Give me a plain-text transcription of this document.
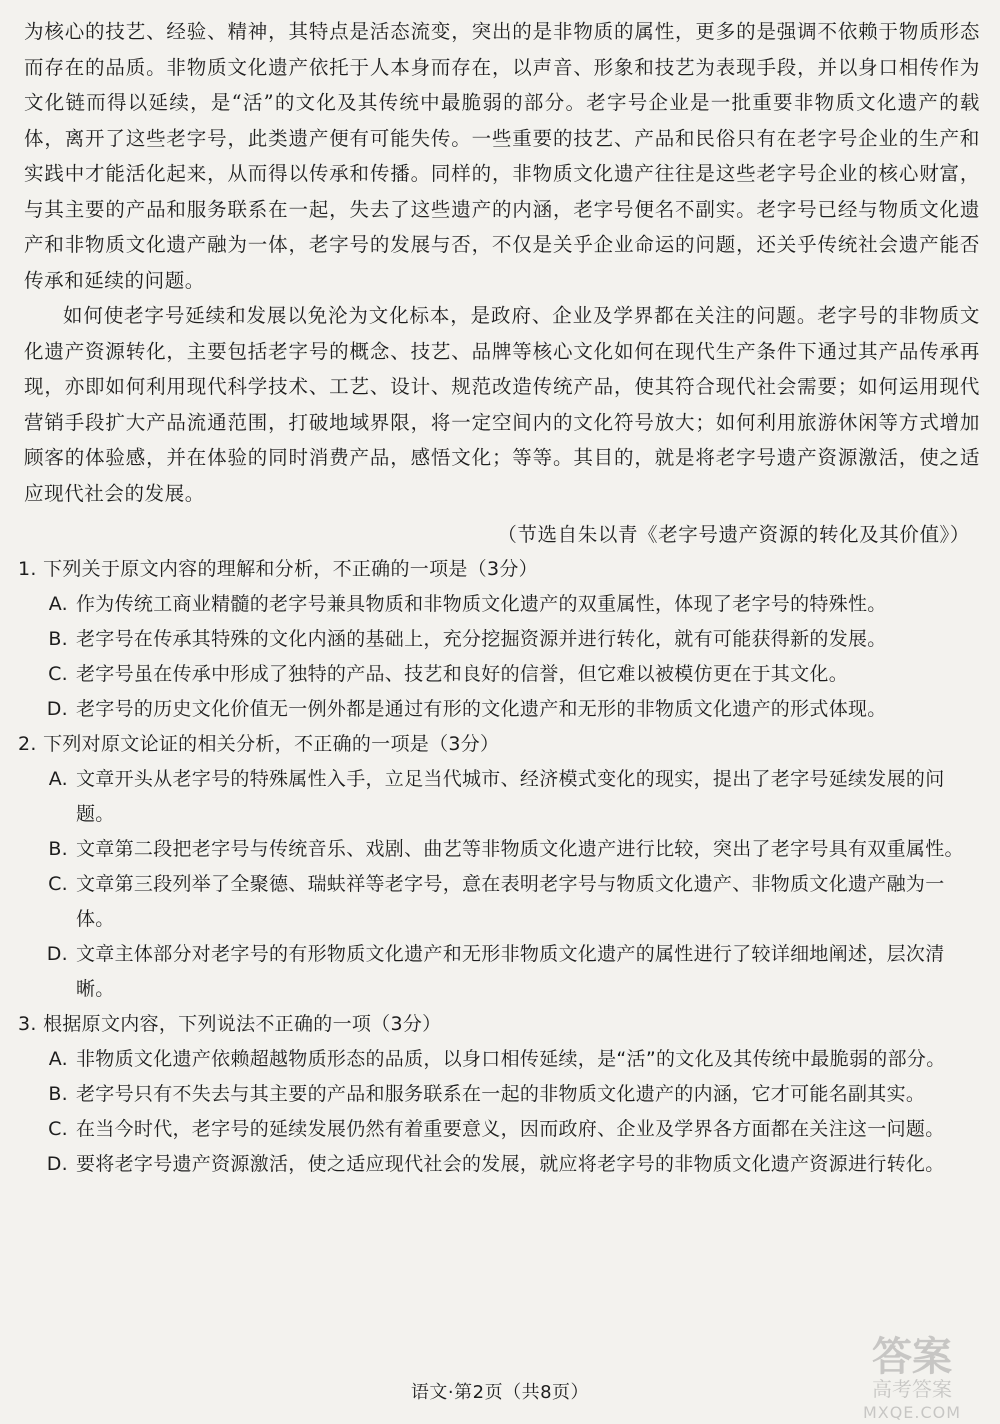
为核心的技艺、经验、精神，其特点是活态流变，突出的是非物质的属性，更多的是强调不依赖于物质形态而存在的品质。非物质文化遗产依托于人本身而存在，以声音、形象和技艺为表现手段，并以身口相传作为文化链而得以延续，是“活”的文化及其传统中最脆弱的部分。老字号企业是一批重要非物质文化遗产的载体，离开了这些老字号，此类遗产便有可能失传。一些重要的技艺、产品和民俗只有在老字号企业的生产和实践中才能活化起来，从而得以传承和传播。同样的，非物质文化遗产往往是这些老字号企业的核心财富，与其主要的产品和服务联系在一起，失去了这些遗产的内涵，老字号便名不副实。老字号已经与物质文化遗产和非物质文化遗产融为一体，老字号的发展与否，不仅是关乎企业命运的问题，还关乎传统社会遗产能否传承和延续的问题。

如何使老字号延续和发展以免沦为文化标本，是政府、企业及学界都在关注的问题。老字号的非物质文化遗产资源转化，主要包括老字号的概念、技艺、品牌等核心文化如何在现代生产条件下通过其产品传承再现，亦即如何利用现代科学技术、工艺、设计、规范改造传统产品，使其符合现代社会需要；如何运用现代营销手段扩大产品流通范围，打破地域界限，将一定空间内的文化符号放大；如何利用旅游休闲等方式增加顾客的体验感，并在体验的同时消费产品，感悟文化；等等。其目的，就是将老字号遗产资源激活，使之适应现代社会的发展。

（节选自朱以青《老字号遗产资源的转化及其价值》）
1. 下列关于原文内容的理解和分析，不正确的一项是（3分）
A. 作为传统工商业精髓的老字号兼具物质和非物质文化遗产的双重属性，体现了老字号的特殊性。
B. 老字号在传承其特殊的文化内涵的基础上，充分挖掘资源并进行转化，就有可能获得新的发展。
C. 老字号虽在传承中形成了独特的产品、技艺和良好的信誉，但它难以被模仿更在于其文化。
D. 老字号的历史文化价值无一例外都是通过有形的文化遗产和无形的非物质文化遗产的形式体现。
2. 下列对原文论证的相关分析，不正确的一项是（3分）
A. 文章开头从老字号的特殊属性入手，立足当代城市、经济模式变化的现实，提出了老字号延续发展的问题。
B. 文章第二段把老字号与传统音乐、戏剧、曲艺等非物质文化遗产进行比较，突出了老字号具有双重属性。
C. 文章第三段列举了全聚德、瑞蚨祥等老字号，意在表明老字号与物质文化遗产、非物质文化遗产融为一体。
D. 文章主体部分对老字号的有形物质文化遗产和无形非物质文化遗产的属性进行了较详细地阐述，层次清晰。
3. 根据原文内容，下列说法不正确的一项（3分）
A. 非物质文化遗产依赖超越物质形态的品质，以身口相传延续，是“活”的文化及其传统中最脆弱的部分。
B. 老字号只有不失去与其主要的产品和服务联系在一起的非物质文化遗产的内涵，它才可能名副其实。
C. 在当今时代，老字号的延续发展仍然有着重要意义，因而政府、企业及学界各方面都在关注这一问题。
D. 要将老字号遗产资源激活，使之适应现代社会的发展，就应将老字号的非物质文化遗产资源进行转化。
语文·第2页（共8页）
答案
高考答案
MXQE.COM
